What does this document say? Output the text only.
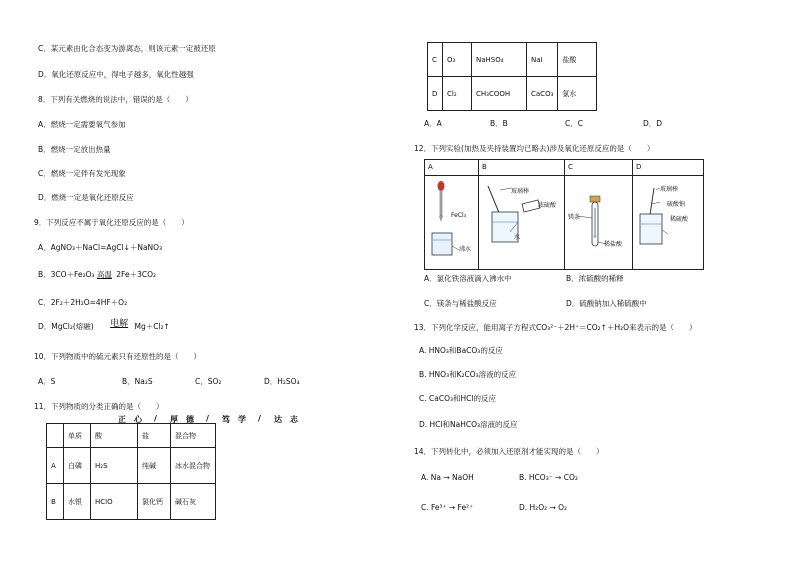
C．某元素由化合态变为游离态，则该元素一定被还原
D．氧化还原反应中，得电子越多，氧化性越强
8．下列有关燃烧的说法中，错误的是（　　）
A．燃烧一定需要氧气参加
B．燃烧一定放出热量
C．燃烧一定伴有发光现象
D．燃烧一定是氧化还原反应
9．下列反应不属于氧化还原反应的是（　　）
A．AgNO₃＋NaCl=AgCl↓＋NaNO₃
B．3CO＋Fe₂O₃ 高温 2Fe＋3CO₂
C．2F₂＋2H₂O=4HF＋O₂
D．MgCl₂(熔融) 电解 Mg＋Cl₂↑
10．下列物质中的硫元素只有还原性的是（　　）
A．S	B．Na₂S	C．SO₂	D．H₂SO₄
11．下列物质的分类正确的是（　　）
正 心 / 厚 德 / 笃 学 / 达 志
	单质	酸	盐	混合物
A	白磷	H₂S	纯碱	冰水混合物
B	水银	HClO	氯化钙	碱石灰
C	O₃	NaHSO₄	NaI	盐酸
D	Cl₂	CH₃COOH	CaCO₃	氯水
A．A	B．B	C．C	D．D
12．下列实验(加热及夹持装置均已略去)涉及氧化还原反应的是（　　）
A	B	C	D
FeCl₃
沸水
玻璃棒
浓硫酸
水
镁条
稀盐酸
玻璃棒
硫酸钠
稀硫酸
A．氯化铁溶液滴入沸水中	B．浓硫酸的稀释
C．镁条与稀盐酸反应	D．硫酸钠加入稀硫酸中
13．下列化学反应，能用离子方程式CO₃²⁻＋2H⁺＝CO₂↑＋H₂O来表示的是（　　）
A. HNO₃和BaCO₃的反应
B. HNO₃和K₂CO₃溶液的反应
C. CaCO₃和HCl的反应
D. HCl和NaHCO₃溶液的反应
14．下列转化中，必须加入还原剂才能实现的是（　　）
A. Na → NaOH	B. HCO₃⁻ → CO₂
C. Fe³⁺ → Fe²⁺	D. H₂O₂ → O₂
